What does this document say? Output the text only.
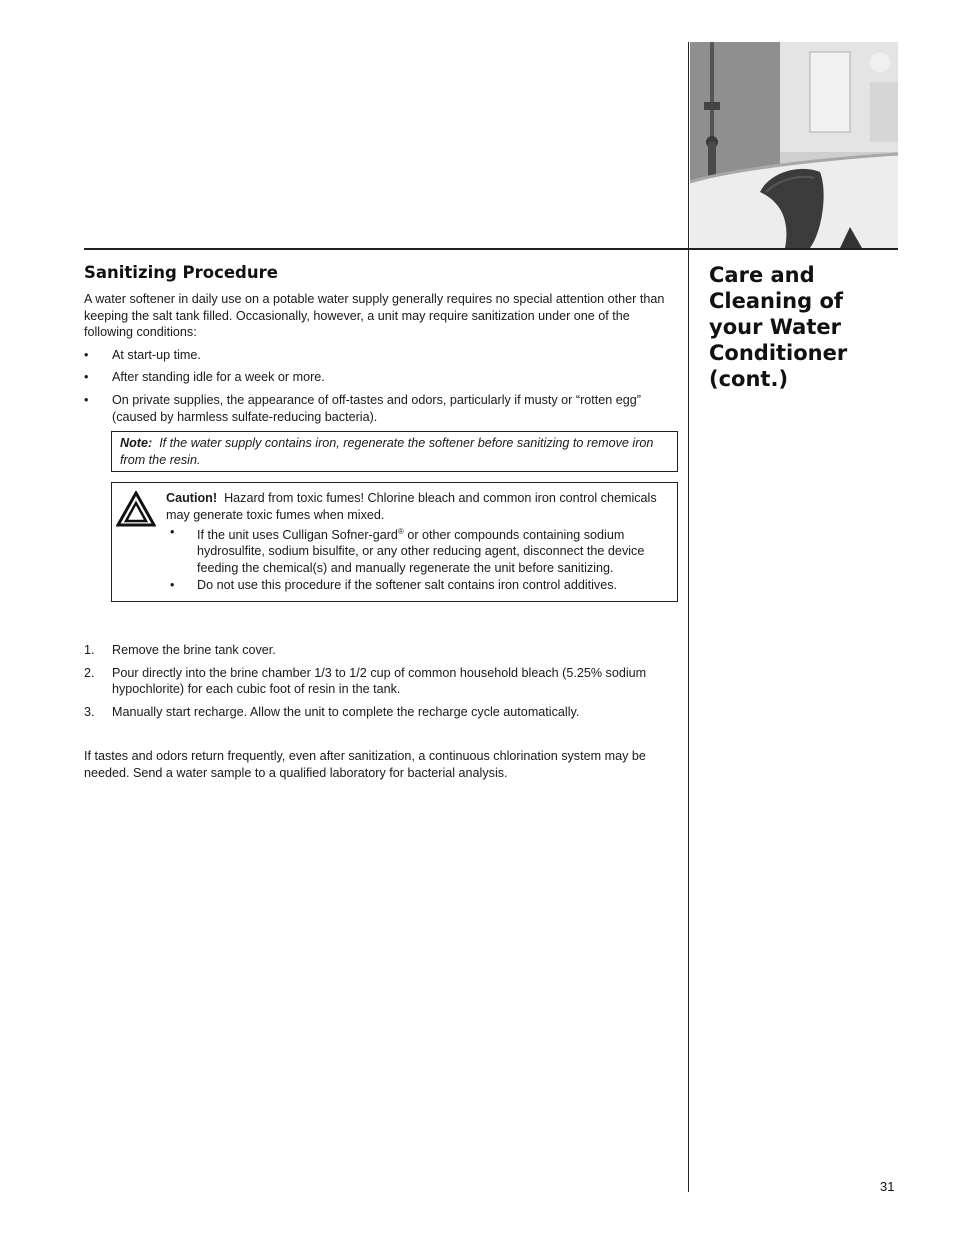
Care and Cleaning of your Water Conditioner (cont.)
Sanitizing Procedure

A water softener in daily use on a potable water supply generally requires no special attention other than keeping the salt tank filled. Occasionally, however, a unit may require sanitization under one of the following conditions:

• At start-up time.
• After standing idle for a week or more.
• On private supplies, the appearance of off-tastes and odors, particularly if musty or “rotten egg” (caused by harmless sulfate-reducing bacteria).
Note: If the water supply contains iron, regenerate the softener before sanitizing to remove iron from the resin.
Caution! Hazard from toxic fumes! Chlorine bleach and common iron control chemicals may generate toxic fumes when mixed.
• If the unit uses Culligan Sofner-gard® or other compounds containing sodium hydrosulfite, sodium bisulfite, or any other reducing agent, disconnect the device feeding the chemical(s) and manually regenerate the unit before sanitizing.
• Do not use this procedure if the softener salt contains iron control additives.
1. Remove the brine tank cover.
2. Pour directly into the brine chamber 1/3 to 1/2 cup of common household bleach (5.25% sodium hypochlorite) for each cubic foot of resin in the tank.
3. Manually start recharge. Allow the unit to complete the recharge cycle automatically.

If tastes and odors return frequently, even after sanitization, a continuous chlorination system may be needed. Send a water sample to a qualified laboratory for bacterial analysis.

31
